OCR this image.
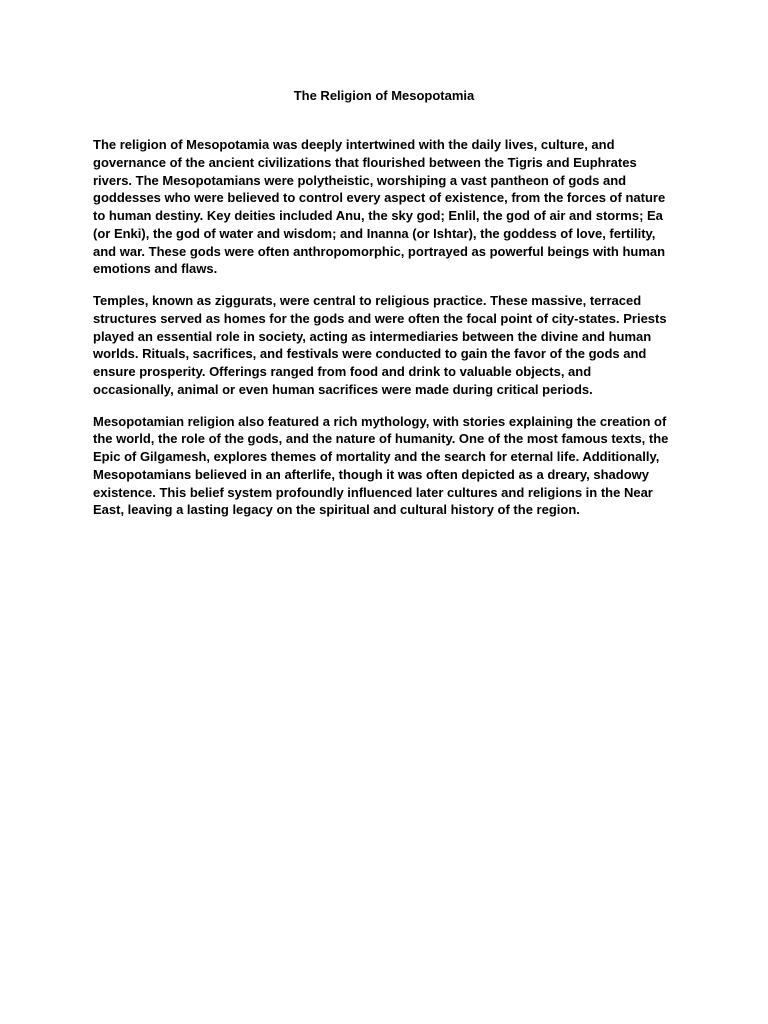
The Religion of Mesopotamia

The religion of Mesopotamia was deeply intertwined with the daily lives, culture, and governance of the ancient civilizations that flourished between the Tigris and Euphrates rivers. The Mesopotamians were polytheistic, worshiping a vast pantheon of gods and goddesses who were believed to control every aspect of existence, from the forces of nature to human destiny. Key deities included Anu, the sky god; Enlil, the god of air and storms; Ea (or Enki), the god of water and wisdom; and Inanna (or Ishtar), the goddess of love, fertility, and war. These gods were often anthropomorphic, portrayed as powerful beings with human emotions and flaws.

Temples, known as ziggurats, were central to religious practice. These massive, terraced structures served as homes for the gods and were often the focal point of city-states. Priests played an essential role in society, acting as intermediaries between the divine and human worlds. Rituals, sacrifices, and festivals were conducted to gain the favor of the gods and ensure prosperity. Offerings ranged from food and drink to valuable objects, and occasionally, animal or even human sacrifices were made during critical periods.

Mesopotamian religion also featured a rich mythology, with stories explaining the creation of the world, the role of the gods, and the nature of humanity. One of the most famous texts, the Epic of Gilgamesh, explores themes of mortality and the search for eternal life. Additionally, Mesopotamians believed in an afterlife, though it was often depicted as a dreary, shadowy existence. This belief system profoundly influenced later cultures and religions in the Near East, leaving a lasting legacy on the spiritual and cultural history of the region.
